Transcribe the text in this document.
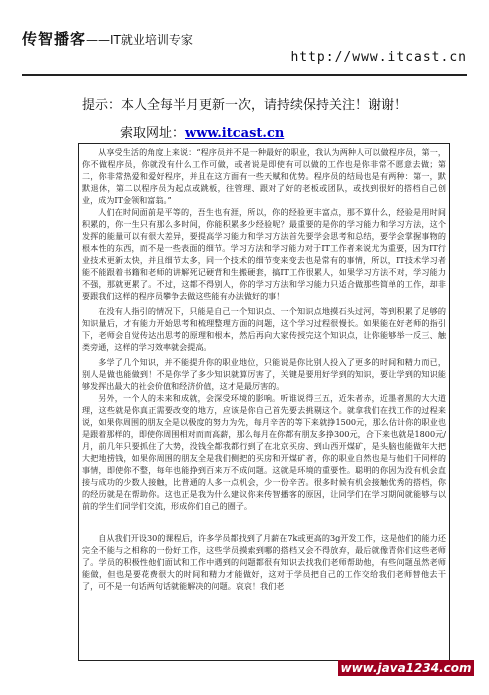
传智播客——IT就业培训专家
http://www.itcast.cn
提示：本人全每半月更新一次，请持续保持关注！谢谢！
索取网址：www.itcast.cn

从享受生活的角度上来说：“程序员并不是一种最好的职业，我认为两种人可以做程序员，第一，你不做程序员，你就没有什么工作可做，或者说是即使有可以做的工作也是你非常不愿意去做；第二，你非常热爱和爱好程序，并且在这方面有一些天赋和优势。程序员的结局也是有两种：第一，默默退休，第二以程序员为起点或跳板，往管理、跟对了好的老板或团队，或找到很好的搭档自己创业，成为IT金领和富翁。”

人们在时间面前是平等的，吾生也有涯，所以，你的经验更丰富点，那不算什么，经验是用时间积累的，你一生只有那么多时间，你能积累多少经验呢？最重要的是你的学习能力和学习方法，这个发挥的能量可以有很大差异，要提高学习能力和学习方法首先要学会思考和总结，要学会掌握事物的根本性的东西，而不是一些表面的细节。学习方法和学习能力对于IT工作者来说尤为重要，因为IT行业技术更新太快，并且细节太多，同一个技术的细节变来变去也是常有的事情，所以，IT技术学习者能不能跟着书籍和老师的讲解死记硬背和生搬硬套，搞IT工作很累人，如果学习方法不对，学习能力不强，那就更累了。不过，这都不得别人，你的学习方法和学习能力只适合做那些简单的工作，却非要跟我们这样的程序员攀争去做这些能有办法做好的事！

在没有人指引的情况下，只能是自己一个知识点、一个知识点地摸石头过河，等到积累了足够的知识量后，才有能力开始思考和梳理整理方面的问题，这个学习过程很慢长。如果能在好老师的指引下，老师会自觉传达出思考的原理和根本，然后再向大家传授完这个知识点，让你能够举一反三、触类旁通，这样的学习效率就会提高。

多学了几个知识，并不能提升你的职业地位，只能说是你比别人投入了更多的时间和精力而已，别人是做也能做到！不是你学了多少知识就算厉害了，关键是要用好学到的知识，要让学到的知识能够发挥出最大的社会价值和经济价值，这才是最厉害的。

另外，一个人的未来和成就，会深受环境的影响。听谁说得三五，近朱者赤，近墨者黑的大大道理，这些就是你真正需要改变的地方，应该是你自己首先要去挑剔这个。就拿我们在找工作的过程来说，如果你周围的朋友全是以极度的努力为先，每月辛苦的等下来就挣1500元，那么估计你的职业也是跟着那样的，即使你周围相对而而高薪，那么每月在你都有朋友多挣300元，合下来也就是1800元/月，前几年只要抓住了大势，没钱全都我都行到了在北京买房、到山西开煤矿，是头脑也能做年大把大把地捞钱，如果你周围的朋友全是我们侧把的买房和开煤矿者，你的职业自然也是与他们干同样的事情，即使你不整，每年也能挣到百来万不成问题。这就是环境的重要性。聪明的你因为没有机会直接与成功的少数人接触，比普通的人多一点机会，少一份辛苦。很多时候有机会接触优秀的搭档，你的经历就是在帮助你。这也正是我为什么建议你来传智播客的原因，让同学们在学习期间就能够与以前的学生们同学们交流，形成你们自己的圈子。

自从我们开设30的课程后，许多学员都找到了月薪在7k或更高的3g开发工作，这是他们的能力还完全不能与之相称的一份好工作，这些学员摸索到哪的搭档又会不得放弃，最后就像青你们这些老师了。学员的积极性他们面试和工作中遇到的问题都很有知识去找我们老师帮助他，有些问题虽然老师能做，但也是要花费很大的时间和精力才能做好，这对于学员把自己的工作交给我们老师替他去干了，可不是一句话两句话就能解决的问题。哀哀！我们老

www.java1234.com
